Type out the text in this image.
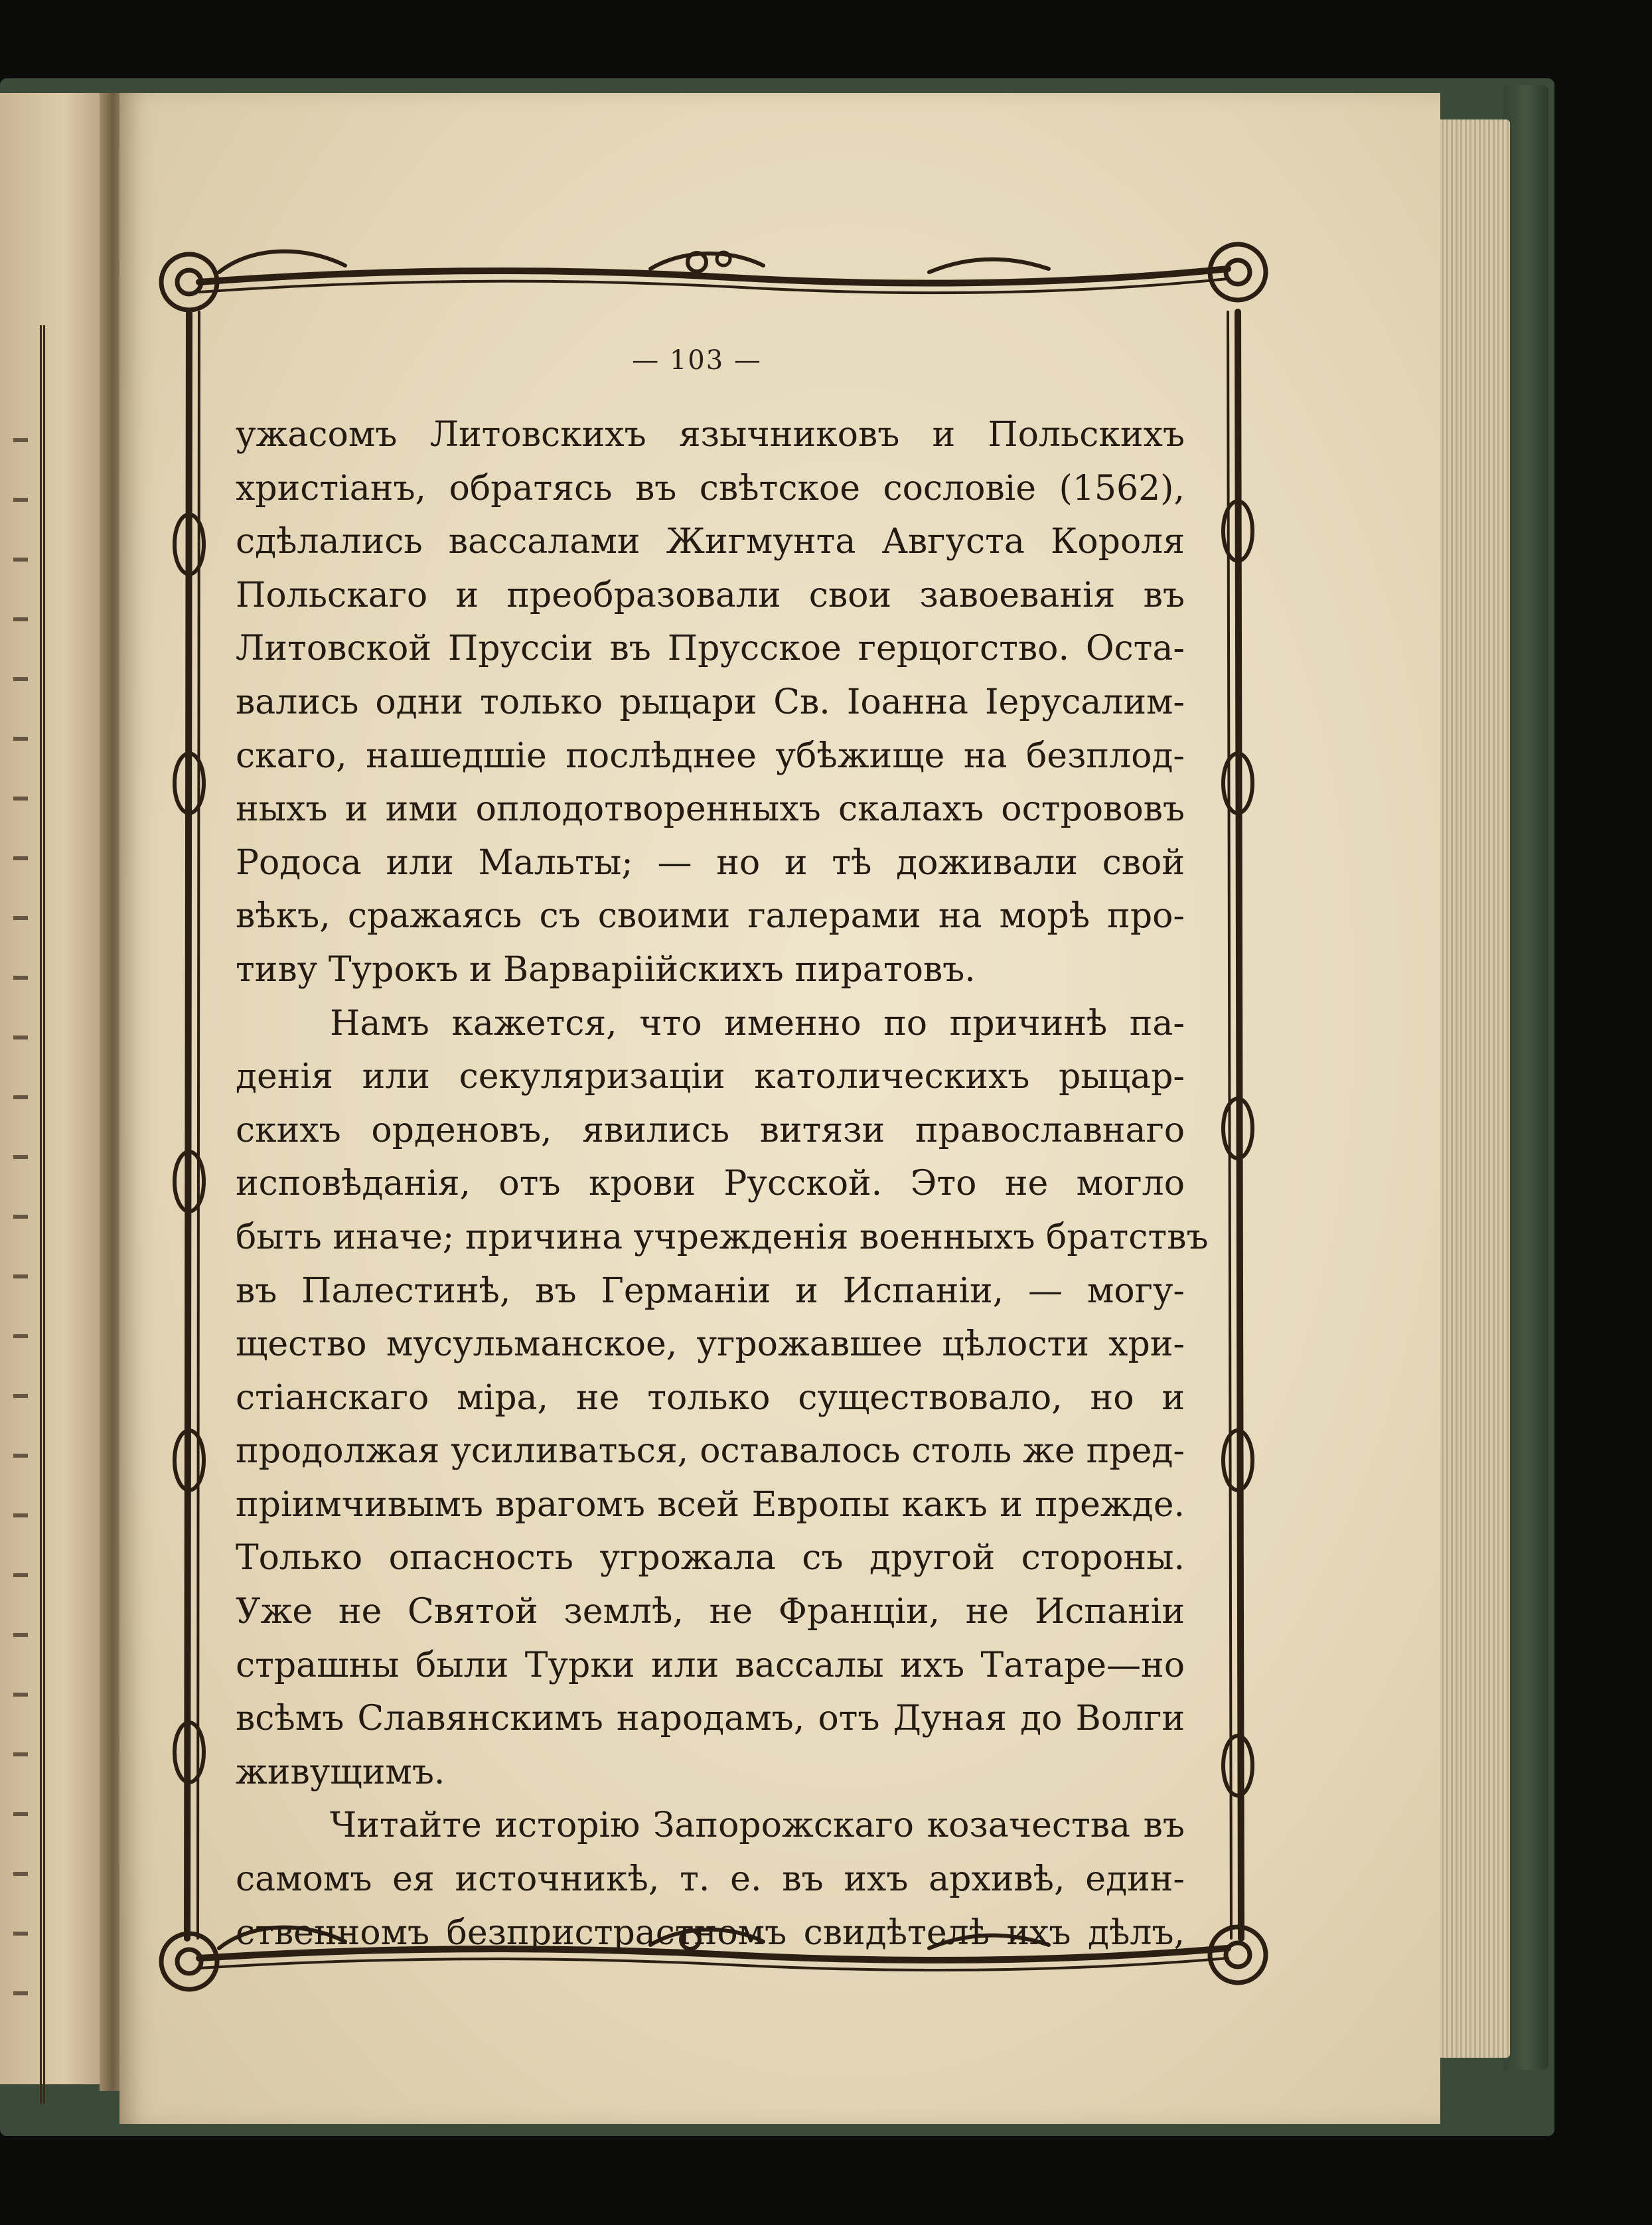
— 103 —
ужасомъ Литовскихъ язычниковъ и Польскихъ
христіанъ, обратясь въ свѣтское сословіе (1562),
сдѣлались вассалами Жигмунта Августа Короля
Польскаго и преобразовали свои завоеванія въ
Литовской Пруссіи въ Прусское герцогство. Оста-
вались одни только рыцари Св. Іоанна Іерусалим-
скаго, нашедшіе послѣднее убѣжище на безплод-
ныхъ и ими оплодотворенныхъ скалахъ острововъ
Родоса или Мальты; — но и тѣ доживали свой
вѣкъ, сражаясь съ своими галерами на морѣ про-
тиву Турокъ и Варваріійскихъ пиратовъ.
Намъ кажется, что именно по причинѣ па-
денія или секуляризаціи католическихъ рыцар-
скихъ орденовъ, явились витязи православнаго
исповѣданія, отъ крови Русской. Это не могло
быть иначе; причина учрежденія военныхъ братствъ
въ Палестинѣ, въ Германіи и Испаніи, — могу-
щество мусульманское, угрожавшее цѣлости хри-
стіанскаго міра, не только существовало, но и
продолжая усиливаться, оставалось столь же пред-
пріимчивымъ врагомъ всей Европы какъ и прежде.
Только опасность угрожала съ другой стороны.
Уже не Святой землѣ, не Франціи, не Испаніи
страшны были Турки или вассалы ихъ Татаре—но
всѣмъ Славянскимъ народамъ, отъ Дуная до Волги
живущимъ.
Читайте исторію Запорожскаго козачества въ
самомъ ея источникѣ, т. е. въ ихъ архивѣ, един-
ственномъ безпристрастномъ свидѣтелѣ ихъ дѣлъ,
